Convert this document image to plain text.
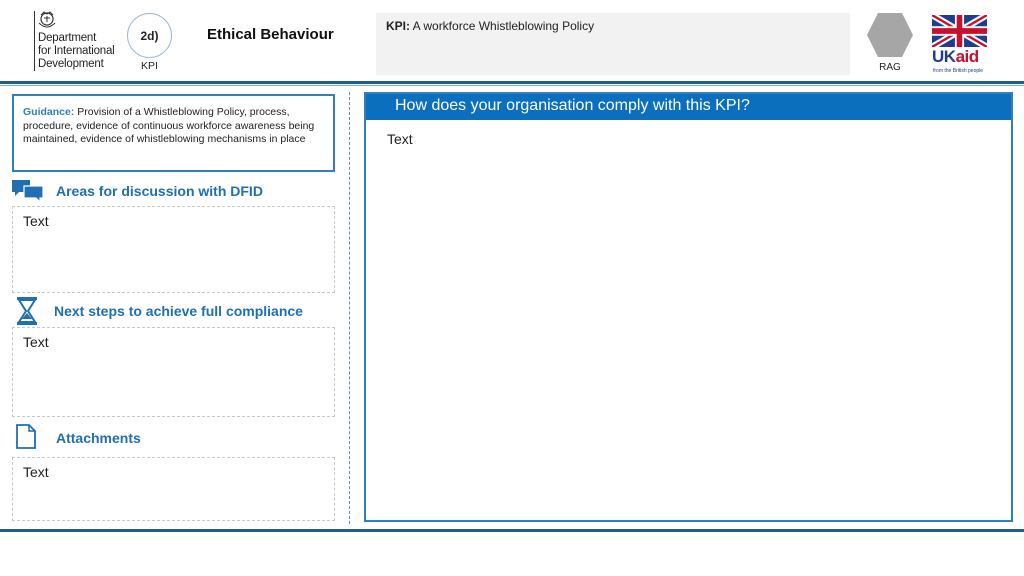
Department
for International
Development
2d)
KPI
Ethical Behaviour	KPI: A workforce Whistleblowing Policy
RAG
UKaid
from the British people
Guidance: Provision of a Whistleblowing Policy, process, procedure, evidence of continuous workforce awareness being maintained, evidence of whistleblowing mechanisms in place
Areas for discussion with DFID
Text
Next steps to achieve full compliance
Text
Attachments
Text
How does your organisation comply with this KPI?
Text
